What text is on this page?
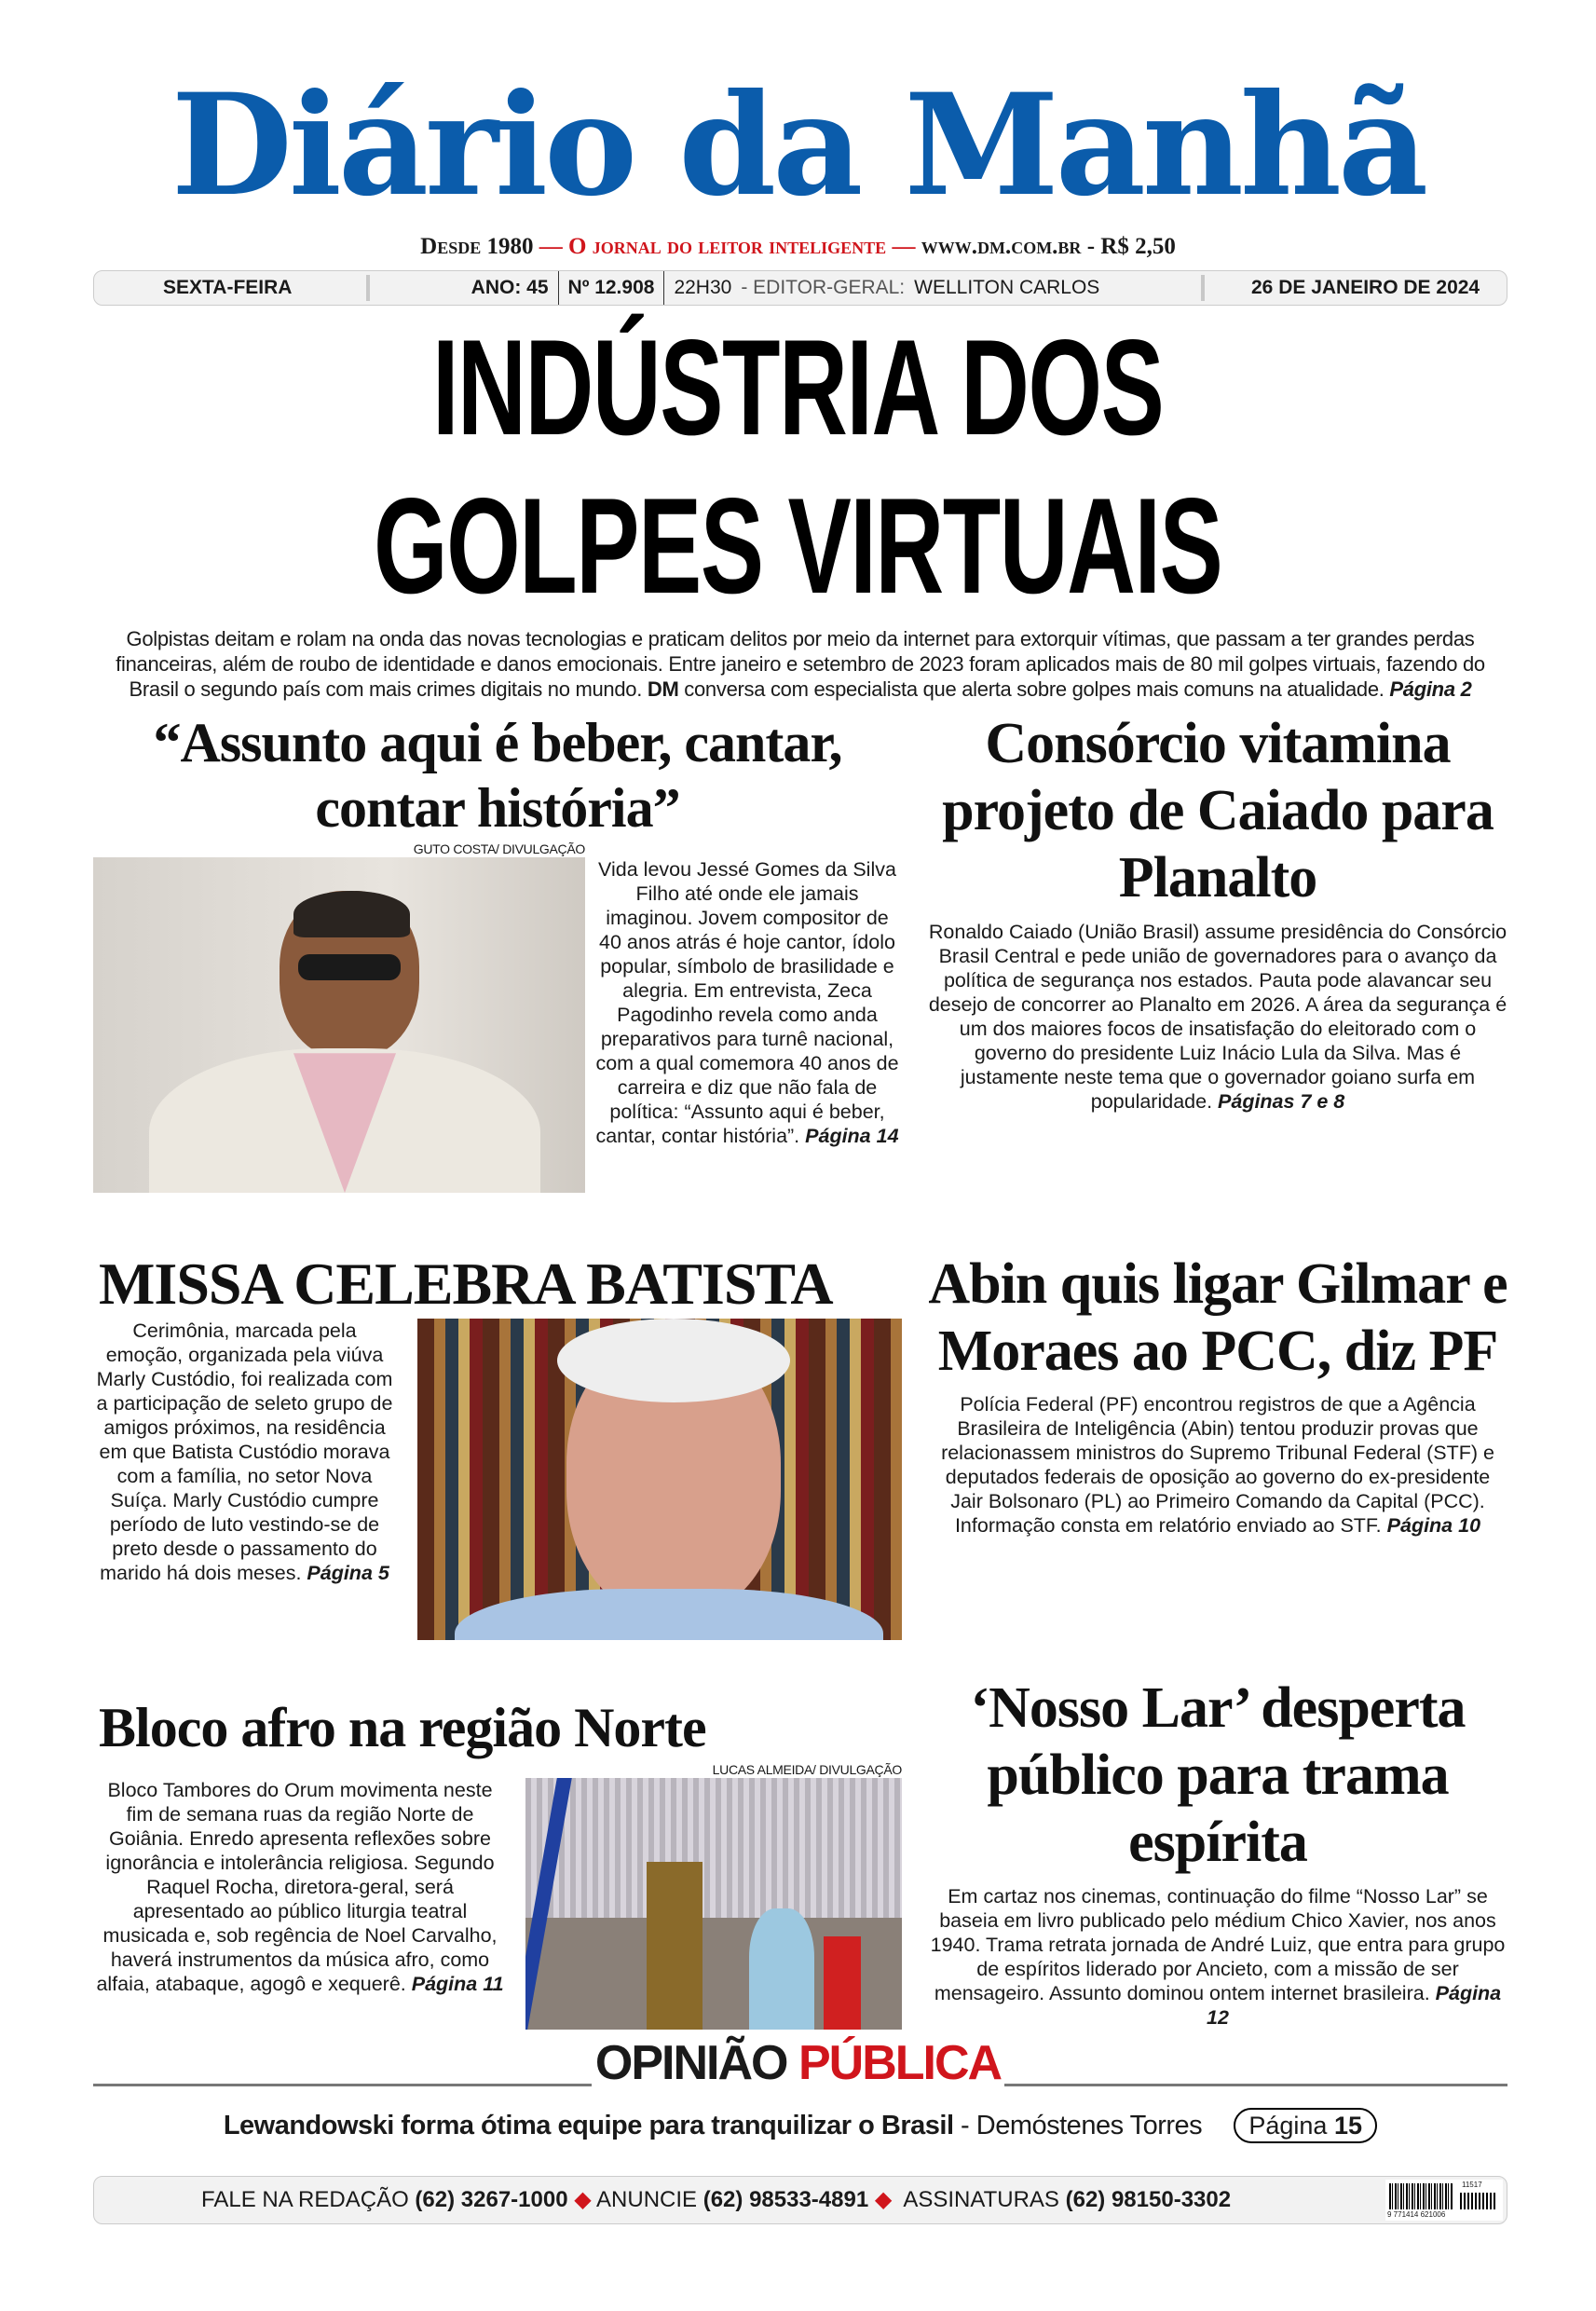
Diário da Manhã
Desde 1980 — O jornal do leitor inteligente — www.dm.com.br - R$ 2,50
SEXTA-FEIRA	ANO: 45	Nº 12.908	22H30 - EDITOR-GERAL: WELLITON CARLOS	26 DE JANEIRO DE 2024
INDÚSTRIA DOS
GOLPES VIRTUAIS
Golpistas deitam e rolam na onda das novas tecnologias e praticam delitos por meio da internet para extorquir vítimas, que passam a ter grandes perdas financeiras, além de roubo de identidade e danos emocionais. Entre janeiro e setembro de 2023 foram aplicados mais de 80 mil golpes virtuais, fazendo do Brasil o segundo país com mais crimes digitais no mundo. DM conversa com especialista que alerta sobre golpes mais comuns na atualidade. Página 2
“Assunto aqui é beber, cantar, contar história”
GUTO COSTA/ DIVULGAÇÃO
Vida levou Jessé Gomes da Silva Filho até onde ele jamais imaginou. Jovem compositor de 40 anos atrás é hoje cantor, ídolo popular, símbolo de brasilidade e alegria. Em entrevista, Zeca Pagodinho revela como anda preparativos para turnê nacional, com a qual comemora 40 anos de carreira e diz que não fala de política: “Assunto aqui é beber, cantar, contar história”. Página 14
MISSA CELEBRA BATISTA
Cerimônia, marcada pela emoção, organizada pela viúva Marly Custódio, foi realizada com a participação de seleto grupo de amigos próximos, na residência em que Batista Custódio morava com a família, no setor Nova Suíça. Marly Custódio cumpre período de luto vestindo-se de preto desde o passamento do marido há dois meses. Página 5
Bloco afro na região Norte
LUCAS ALMEIDA/ DIVULGAÇÃO
Bloco Tambores do Orum movimenta neste fim de semana ruas da região Norte de Goiânia. Enredo apresenta reflexões sobre ignorância e intolerância religiosa. Segundo Raquel Rocha, diretora-geral, será apresentado ao público liturgia teatral musicada e, sob regência de Noel Carvalho, haverá instrumentos da música afro, como alfaia, atabaque, agogô e xequerê. Página 11
Consórcio vitamina projeto de Caiado para Planalto
Ronaldo Caiado (União Brasil) assume presidência do Consórcio Brasil Central e pede união de governadores para o avanço da política de segurança nos estados. Pauta pode alavancar seu desejo de concorrer ao Planalto em 2026. A área da segurança é um dos maiores focos de insatisfação do eleitorado com o governo do presidente Luiz Inácio Lula da Silva. Mas é justamente neste tema que o governador goiano surfa em popularidade. Páginas 7 e 8
Abin quis ligar Gilmar e Moraes ao PCC, diz PF
Polícia Federal (PF) encontrou registros de que a Agência Brasileira de Inteligência (Abin) tentou produzir provas que relacionassem ministros do Supremo Tribunal Federal (STF) e deputados federais de oposição ao governo do ex-presidente Jair Bolsonaro (PL) ao Primeiro Comando da Capital (PCC). Informação consta em relatório enviado ao STF. Página 10
‘Nosso Lar’ desperta público para trama espírita
Em cartaz nos cinemas, continuação do filme “Nosso Lar” se baseia em livro publicado pelo médium Chico Xavier, nos anos 1940. Trama retrata jornada de André Luiz, que entra para grupo de espíritos liderado por Ancieto, com a missão de ser mensageiro. Assunto dominou ontem internet brasileira. Página 12
OPINIÃO PÚBLICA
Lewandowski forma ótima equipe para tranquilizar o Brasil - Demóstenes Torres	Página 15
FALE NA REDAÇÃO (62) 3267-1000 ◆ ANUNCIE (62) 98533-4891 ◆ ASSINATURAS (62) 98150-3302
11517
9 771414 621006
